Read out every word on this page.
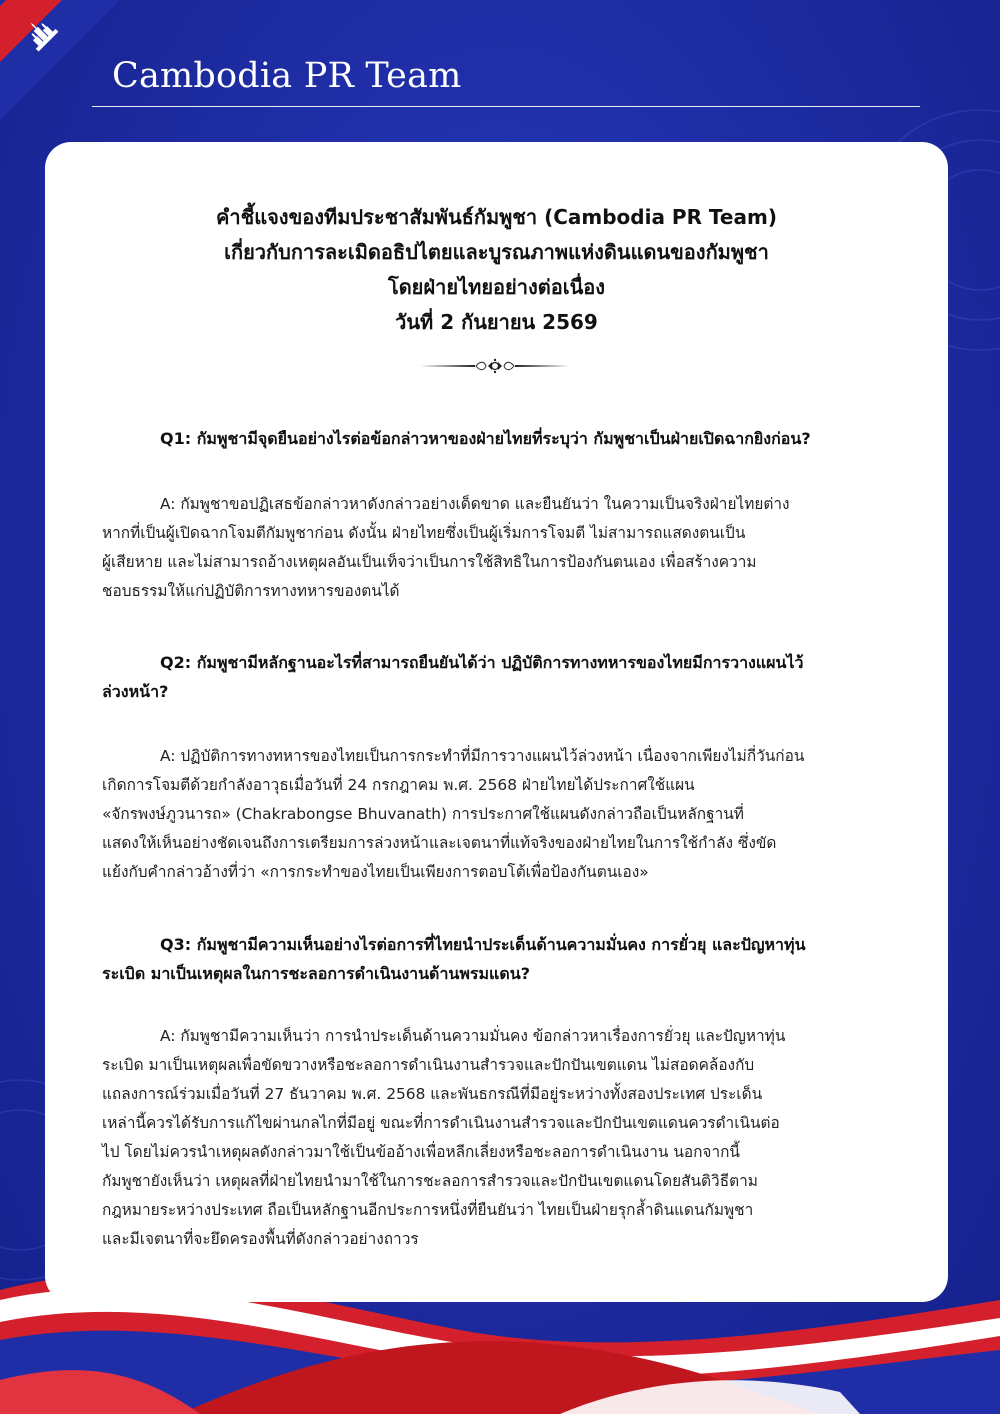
Cambodia PR Team
คำชี้แจงของทีมประชาสัมพันธ์กัมพูชา (Cambodia PR Team)
เกี่ยวกับการละเมิดอธิปไตยและบูรณภาพแห่งดินแดนของกัมพูชา
โดยฝ่ายไทยอย่างต่อเนื่อง
วันที่ 2 กันยายน 2569
Q1: กัมพูชามีจุดยืนอย่างไรต่อข้อกล่าวหาของฝ่ายไทยที่ระบุว่า กัมพูชาเป็นฝ่ายเปิดฉากยิงก่อน?
A: กัมพูชาขอปฏิเสธข้อกล่าวหาดังกล่าวอย่างเด็ดขาด และยืนยันว่า ในความเป็นจริงฝ่ายไทยต่าง
หากที่เป็นผู้เปิดฉากโจมตีกัมพูชาก่อน ดังนั้น ฝ่ายไทยซึ่งเป็นผู้เริ่มการโจมตี ไม่สามารถแสดงตนเป็น
ผู้เสียหาย และไม่สามารถอ้างเหตุผลอันเป็นเท็จว่าเป็นการใช้สิทธิในการป้องกันตนเอง เพื่อสร้างความ
ชอบธรรมให้แก่ปฏิบัติการทางทหารของตนได้
Q2: กัมพูชามีหลักฐานอะไรที่สามารถยืนยันได้ว่า ปฏิบัติการทางทหารของไทยมีการวางแผนไว้
ล่วงหน้า?
A: ปฏิบัติการทางทหารของไทยเป็นการกระทำที่มีการวางแผนไว้ล่วงหน้า เนื่องจากเพียงไม่กี่วันก่อน
เกิดการโจมตีด้วยกำลังอาวุธเมื่อวันที่ 24 กรกฎาคม พ.ศ. 2568 ฝ่ายไทยได้ประกาศใช้แผน
«จักรพงษ์ภูวนารถ» (Chakrabongse Bhuvanath) การประกาศใช้แผนดังกล่าวถือเป็นหลักฐานที่
แสดงให้เห็นอย่างชัดเจนถึงการเตรียมการล่วงหน้าและเจตนาที่แท้จริงของฝ่ายไทยในการใช้กำลัง ซึ่งขัด
แย้งกับคำกล่าวอ้างที่ว่า «การกระทำของไทยเป็นเพียงการตอบโต้เพื่อป้องกันตนเอง»
Q3: กัมพูชามีความเห็นอย่างไรต่อการที่ไทยนำประเด็นด้านความมั่นคง การยั่วยุ และปัญหาทุ่น
ระเบิด มาเป็นเหตุผลในการชะลอการดำเนินงานด้านพรมแดน?
A: กัมพูชามีความเห็นว่า การนำประเด็นด้านความมั่นคง ข้อกล่าวหาเรื่องการยั่วยุ และปัญหาทุ่น
ระเบิด มาเป็นเหตุผลเพื่อขัดขวางหรือชะลอการดำเนินงานสำรวจและปักปันเขตแดน ไม่สอดคล้องกับ
แถลงการณ์ร่วมเมื่อวันที่ 27 ธันวาคม พ.ศ. 2568 และพันธกรณีที่มีอยู่ระหว่างทั้งสองประเทศ ประเด็น
เหล่านี้ควรได้รับการแก้ไขผ่านกลไกที่มีอยู่ ขณะที่การดำเนินงานสำรวจและปักปันเขตแดนควรดำเนินต่อ
ไป โดยไม่ควรนำเหตุผลดังกล่าวมาใช้เป็นข้ออ้างเพื่อหลีกเลี่ยงหรือชะลอการดำเนินงาน นอกจากนี้
กัมพูชายังเห็นว่า เหตุผลที่ฝ่ายไทยนำมาใช้ในการชะลอการสำรวจและปักปันเขตแดนโดยสันติวิธีตาม
กฎหมายระหว่างประเทศ ถือเป็นหลักฐานอีกประการหนึ่งที่ยืนยันว่า ไทยเป็นฝ่ายรุกล้ำดินแดนกัมพูชา
และมีเจตนาที่จะยึดครองพื้นที่ดังกล่าวอย่างถาวร
